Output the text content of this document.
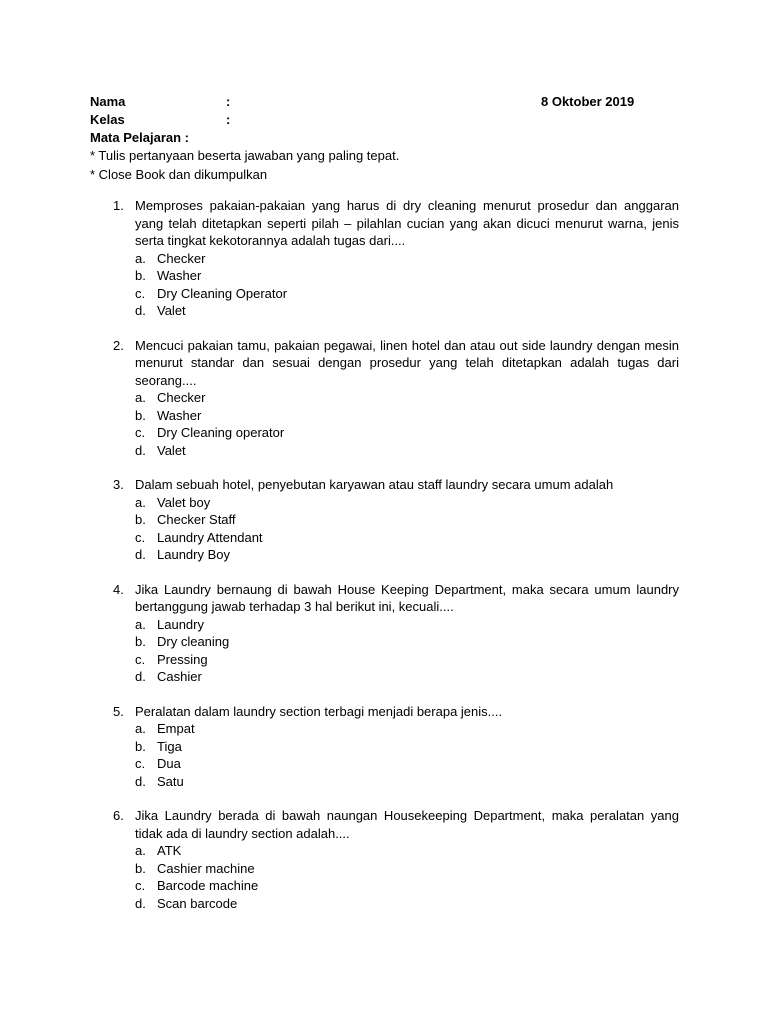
Nama	:	8 Oktober 2019
Kelas	:
Mata Pelajaran :
* Tulis pertanyaan beserta jawaban yang paling tepat.
* Close Book dan dikumpulkan
1. Memproses pakaian-pakaian yang harus di dry cleaning menurut prosedur dan anggaran yang telah ditetapkan seperti pilah – pilahlan cucian yang akan dicuci menurut warna, jenis serta tingkat kekotorannya adalah tugas dari....
a. Checker
b. Washer
c. Dry Cleaning Operator
d. Valet
2. Mencuci pakaian tamu, pakaian pegawai, linen hotel dan atau out side laundry dengan mesin menurut standar dan sesuai dengan prosedur yang telah ditetapkan adalah tugas dari seorang....
a. Checker
b. Washer
c. Dry Cleaning operator
d. Valet
3. Dalam sebuah hotel, penyebutan karyawan atau staff laundry secara umum adalah
a. Valet boy
b. Checker Staff
c. Laundry Attendant
d. Laundry Boy
4. Jika Laundry bernaung di bawah House Keeping Department, maka secara umum laundry bertanggung jawab terhadap 3 hal berikut ini, kecuali....
a. Laundry
b. Dry cleaning
c. Pressing
d. Cashier
5. Peralatan dalam laundry section terbagi menjadi berapa jenis....
a. Empat
b. Tiga
c. Dua
d. Satu
6. Jika Laundry berada di bawah naungan Housekeeping Department, maka peralatan yang tidak ada di laundry section adalah....
a. ATK
b. Cashier machine
c. Barcode machine
d. Scan barcode
